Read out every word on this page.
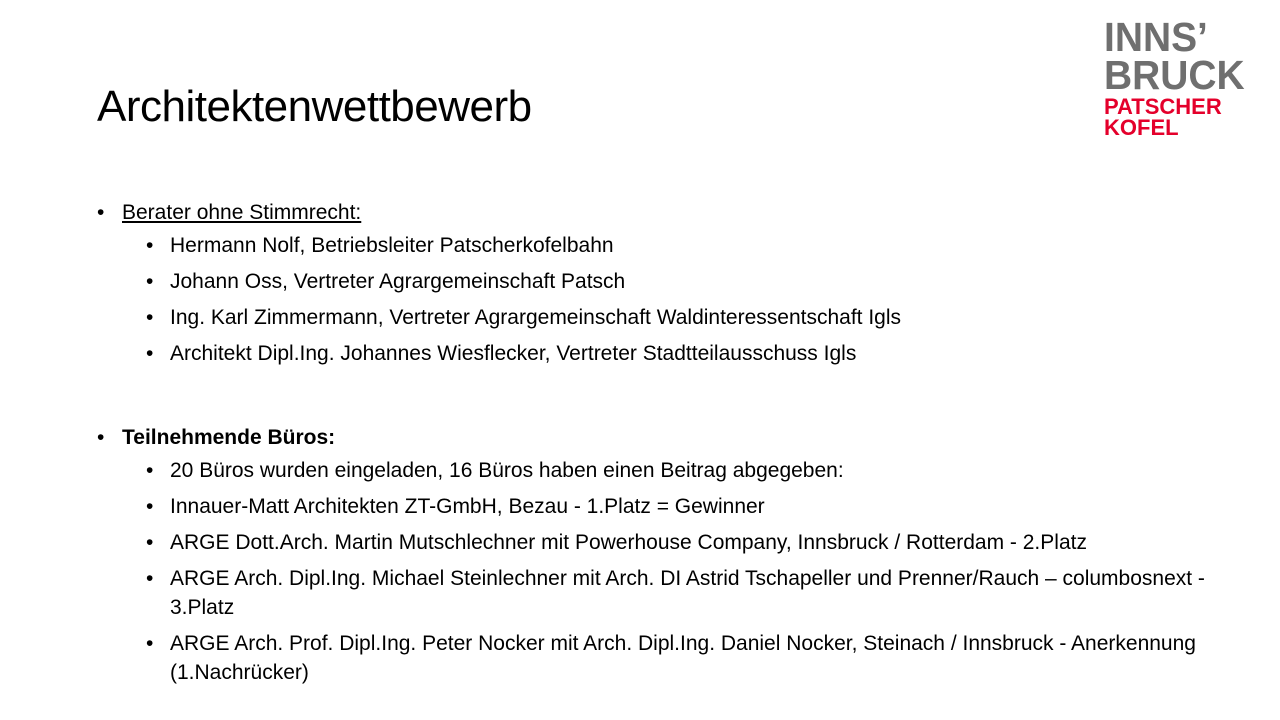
Architektenwettbewerb
INNS’
BRUCK
PATSCHER
KOFEL
• Berater ohne Stimmrecht:
• Hermann Nolf, Betriebsleiter Patscherkofelbahn
• Johann Oss, Vertreter Agrargemeinschaft Patsch
• Ing. Karl Zimmermann, Vertreter Agrargemeinschaft Waldinteressentschaft Igls
• Architekt Dipl.Ing. Johannes Wiesflecker, Vertreter Stadtteilausschuss Igls
• Teilnehmende Büros:
• 20 Büros wurden eingeladen, 16 Büros haben einen Beitrag abgegeben:
• Innauer-Matt Architekten ZT-GmbH, Bezau - 1.Platz = Gewinner
• ARGE Dott.Arch. Martin Mutschlechner mit Powerhouse Company, Innsbruck / Rotterdam - 2.Platz
• ARGE Arch. Dipl.Ing. Michael Steinlechner mit Arch. DI Astrid Tschapeller und Prenner/Rauch – columbosnext - 3.Platz
• ARGE Arch. Prof. Dipl.Ing. Peter Nocker mit Arch. Dipl.Ing. Daniel Nocker, Steinach / Innsbruck - Anerkennung (1.Nachrücker)
